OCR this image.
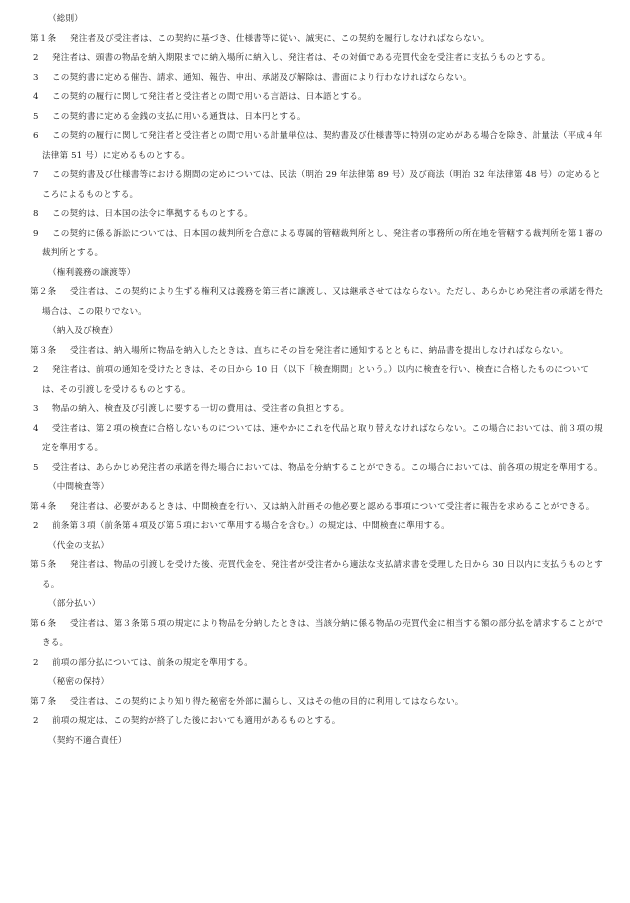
（総則）
第１条	発注者及び受注者は、この契約に基づき、仕様書等に従い、誠実に、この契約を履行しなければならない。
2	発注者は、頭書の物品を納入期限までに納入場所に納入し、発注者は、その対価である売買代金を受注者に支払うものとする。
3	この契約書に定める催告、請求、通知、報告、申出、承諾及び解除は、書面により行わなければならない。
4	この契約の履行に関して発注者と受注者との間で用いる言語は、日本語とする。
5	この契約書に定める金銭の支払に用いる通貨は、日本円とする。
6	この契約の履行に関して発注者と受注者との間で用いる計量単位は、契約書及び仕様書等に特別の定めがある場合を除き、計量法（平成４年法律第 51 号）に定めるものとする。
7	この契約書及び仕様書等における期間の定めについては、民法（明治 29 年法律第 89 号）及び商法（明治 32 年法律第 48 号）の定めるところによるものとする。
8	この契約は、日本国の法令に準拠するものとする。
9	この契約に係る訴訟については、日本国の裁判所を合意による専属的管轄裁判所とし、発注者の事務所の所在地を管轄する裁判所を第１審の裁判所とする。
（権利義務の譲渡等）
第２条	受注者は、この契約により生ずる権利又は義務を第三者に譲渡し、又は継承させてはならない。ただし、あらかじめ発注者の承諾を得た場合は、この限りでない。
（納入及び検査）
第３条	受注者は、納入場所に物品を納入したときは、直ちにその旨を発注者に通知するとともに、納品書を提出しなければならない。
2	発注者は、前項の通知を受けたときは、その日から 10 日（以下「検査期間」という。）以内に検査を行い、検査に合格したものについては、その引渡しを受けるものとする。
3	物品の納入、検査及び引渡しに要する一切の費用は、受注者の負担とする。
4	受注者は、第２項の検査に合格しないものについては、速やかにこれを代品と取り替えなければならない。この場合においては、前３項の規定を準用する。
5	受注者は、あらかじめ発注者の承諾を得た場合においては、物品を分納することができる。この場合においては、前各項の規定を準用する。
（中間検査等）
第４条	発注者は、必要があるときは、中間検査を行い、又は納入計画その他必要と認める事項について受注者に報告を求めることができる。
2	前条第３項（前条第４項及び第５項において準用する場合を含む。）の規定は、中間検査に準用する。
（代金の支払）
第５条	発注者は、物品の引渡しを受けた後、売買代金を、発注者が受注者から適法な支払請求書を受理した日から 30 日以内に支払うものとする。
（部分払い）
第６条	受注者は、第３条第５項の規定により物品を分納したときは、当該分納に係る物品の売買代金に相当する額の部分払を請求することができる。
2	前項の部分払については、前条の規定を準用する。
（秘密の保持）
第７条	受注者は、この契約により知り得た秘密を外部に漏らし、又はその他の目的に利用してはならない。
2	前項の規定は、この契約が終了した後においても適用があるものとする。
（契約不適合責任）
